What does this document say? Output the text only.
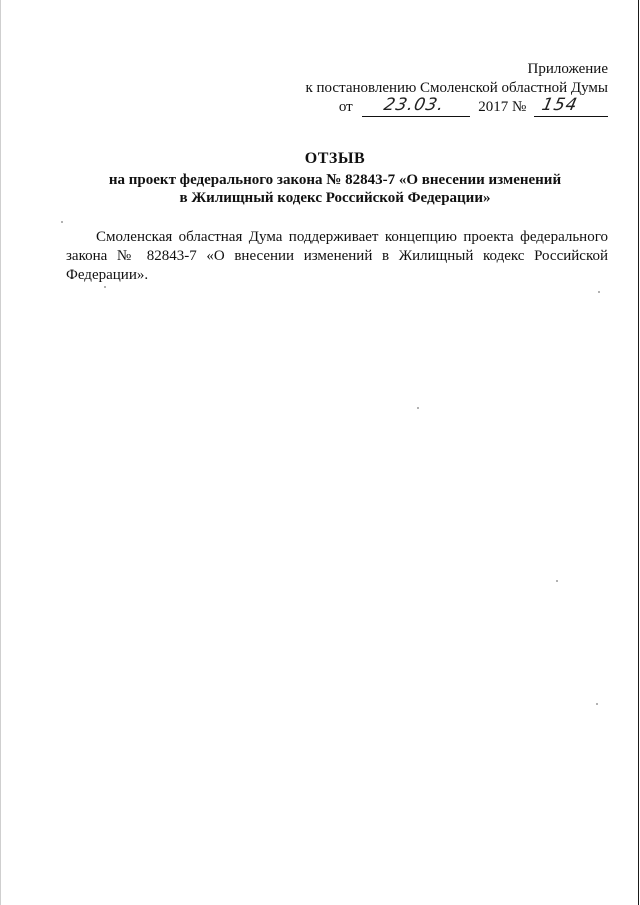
Приложение
к постановлению Смоленской областной Думы
от 23.03. 2017 № 154
ОТЗЫВ
на проект федерального закона № 82843-7 «О внесении изменений
в Жилищный кодекс Российской Федерации»

Смоленская областная Дума поддерживает концепцию проекта федерального закона № 82843-7 «О внесении изменений в Жилищный кодекс Российской Федерации».
